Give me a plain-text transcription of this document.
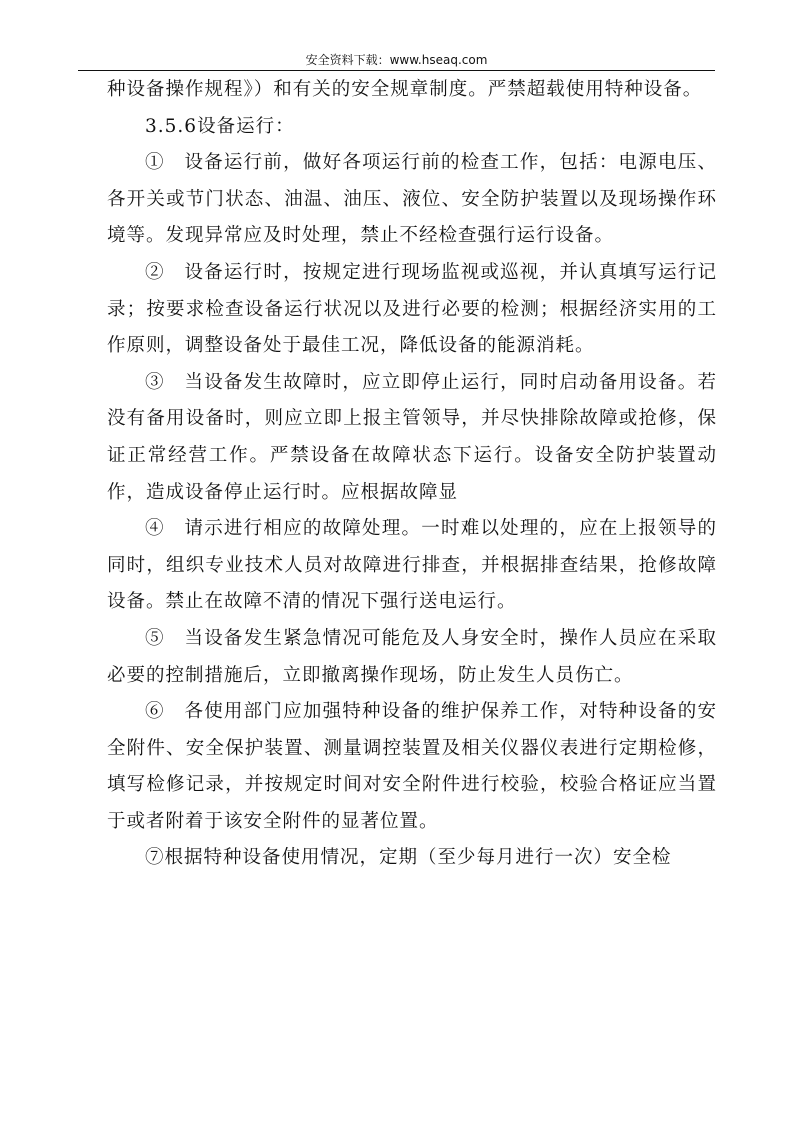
安全资料下载：www.hseaq.com

种设备操作规程》）和有关的安全规章制度。严禁超载使用特种设备。

3.5.6设备运行：

①　设备运行前，做好各项运行前的检查工作，包括：电源电压、各开关或节门状态、油温、油压、液位、安全防护装置以及现场操作环境等。发现异常应及时处理，禁止不经检查强行运行设备。

②　设备运行时，按规定进行现场监视或巡视，并认真填写运行记录；按要求检查设备运行状况以及进行必要的检测；根据经济实用的工作原则，调整设备处于最佳工况，降低设备的能源消耗。

③　当设备发生故障时，应立即停止运行，同时启动备用设备。若没有备用设备时，则应立即上报主管领导，并尽快排除故障或抢修，保证正常经营工作。严禁设备在故障状态下运行。设备安全防护装置动作，造成设备停止运行时。应根据故障显

④　请示进行相应的故障处理。一时难以处理的，应在上报领导的同时，组织专业技术人员对故障进行排查，并根据排查结果，抢修故障设备。禁止在故障不清的情况下强行送电运行。

⑤　当设备发生紧急情况可能危及人身安全时，操作人员应在采取必要的控制措施后，立即撤离操作现场，防止发生人员伤亡。

⑥　各使用部门应加强特种设备的维护保养工作，对特种设备的安全附件、安全保护装置、测量调控装置及相关仪器仪表进行定期检修，填写检修记录，并按规定时间对安全附件进行校验，校验合格证应当置于或者附着于该安全附件的显著位置。

⑦根据特种设备使用情况，定期（至少每月进行一次）安全检
